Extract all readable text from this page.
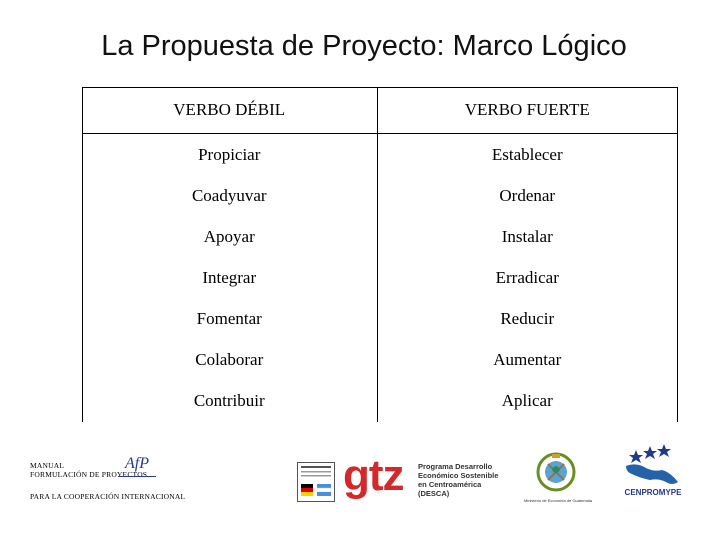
La Propuesta de Proyecto: Marco Lógico
VERBO DÉBIL	VERBO FUERTE
Propiciar	Establecer
Coadyuvar	Ordenar
Apoyar	Instalar
Integrar	Erradicar
Fomentar	Reducir
Colaborar	Aumentar
Contribuir	Aplicar
MANUAL
FORMULACIÓN DE PROYECTOS
PARA LA COOPERACIÓN INTERNACIONAL
AfP	gtz Programa Desarrollo
Económico Sostenible
en Centroamérica
(DESCA)
Ministerio de Economía de Guatemala
CENPROMYPE
